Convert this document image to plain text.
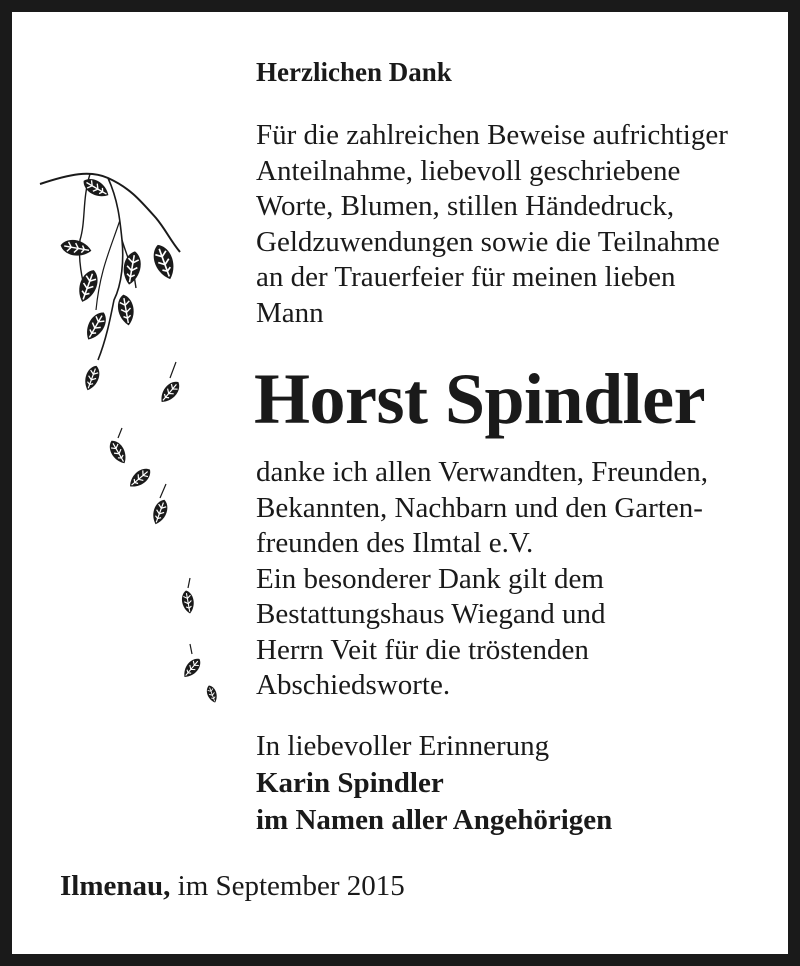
Herzlichen Dank
Für die zahlreichen Beweise aufrichtiger
Anteilnahme, liebevoll geschriebene
Worte, Blumen, stillen Händedruck,
Geldzuwendungen sowie die Teilnahme
an der Trauerfeier für meinen lieben
Mann
Horst Spindler
danke ich allen Verwandten, Freunden,
Bekannten, Nachbarn und den Garten-
freunden des Ilmtal e.V.
Ein besonderer Dank gilt dem
Bestattungshaus Wiegand und
Herrn Veit für die tröstenden
Abschiedsworte.
In liebevoller Erinnerung
Karin Spindler
im Namen aller Angehörigen
Ilmenau, im September 2015
